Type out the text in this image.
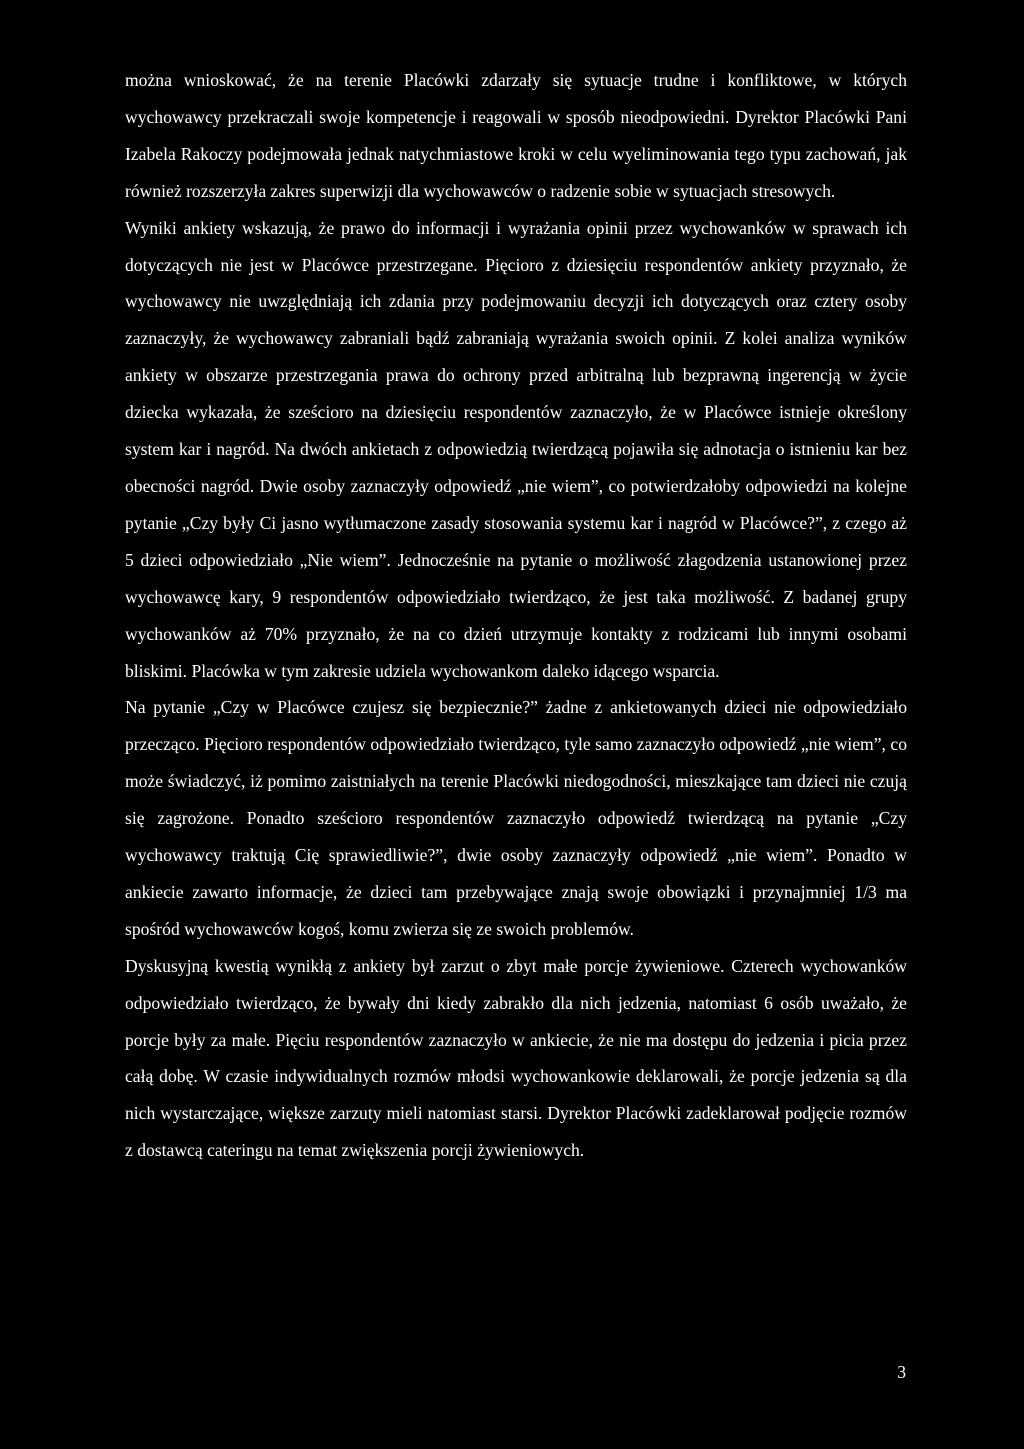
można wnioskować, że na terenie Placówki zdarzały się sytuacje trudne i konfliktowe, w których wychowawcy przekraczali swoje kompetencje i reagowali w sposób nieodpowiedni. Dyrektor Placówki Pani Izabela Rakoczy podejmowała jednak natychmiastowe kroki w celu wyeliminowania tego typu zachowań, jak również rozszerzyła zakres superwizji dla wychowawców o radzenie sobie w sytuacjach stresowych.

Wyniki ankiety wskazują, że prawo do informacji i wyrażania opinii przez wychowanków w sprawach ich dotyczących nie jest w Placówce przestrzegane. Pięcioro z dziesięciu respondentów ankiety przyznało, że wychowawcy nie uwzględniają ich zdania przy podejmowaniu decyzji ich dotyczących oraz cztery osoby zaznaczyły, że wychowawcy zabraniali bądź zabraniają wyrażania swoich opinii. Z kolei analiza wyników ankiety w obszarze przestrzegania prawa do ochrony przed arbitralną lub bezprawną ingerencją w życie dziecka wykazała, że sześcioro na dziesięciu respondentów zaznaczyło, że w Placówce istnieje określony system kar i nagród. Na dwóch ankietach z odpowiedzią twierdzącą pojawiła się adnotacja o istnieniu kar bez obecności nagród. Dwie osoby zaznaczyły odpowiedź „nie wiem”, co potwierdzałoby odpowiedzi na kolejne pytanie „Czy były Ci jasno wytłumaczone zasady stosowania systemu kar i nagród w Placówce?”, z czego aż 5 dzieci odpowiedziało „Nie wiem”. Jednocześnie na pytanie o możliwość złagodzenia ustanowionej przez wychowawcę kary, 9 respondentów odpowiedziało twierdząco, że jest taka możliwość. Z badanej grupy wychowanków aż 70% przyznało, że na co dzień utrzymuje kontakty z rodzicami lub innymi osobami bliskimi. Placówka w tym zakresie udziela wychowankom daleko idącego wsparcia.

Na pytanie „Czy w Placówce czujesz się bezpiecznie?” żadne z ankietowanych dzieci nie odpowiedziało przecząco. Pięcioro respondentów odpowiedziało twierdząco, tyle samo zaznaczyło odpowiedź „nie wiem”, co może świadczyć, iż pomimo zaistniałych na terenie Placówki niedogodności, mieszkające tam dzieci nie czują się zagrożone. Ponadto sześcioro respondentów zaznaczyło odpowiedź twierdzącą na pytanie „Czy wychowawcy traktują Cię sprawiedliwie?”, dwie osoby zaznaczyły odpowiedź „nie wiem”. Ponadto w ankiecie zawarto informacje, że dzieci tam przebywające znają swoje obowiązki i przynajmniej 1/3 ma spośród wychowawców kogoś, komu zwierza się ze swoich problemów.

Dyskusyjną kwestią wynikłą z ankiety był zarzut o zbyt małe porcje żywieniowe. Czterech wychowanków odpowiedziało twierdząco, że bywały dni kiedy zabrakło dla nich jedzenia, natomiast 6 osób uważało, że porcje były za małe. Pięciu respondentów zaznaczyło w ankiecie, że nie ma dostępu do jedzenia i picia przez całą dobę. W czasie indywidualnych rozmów młodsi wychowankowie deklarowali, że porcje jedzenia są dla nich wystarczające, większe zarzuty mieli natomiast starsi. Dyrektor Placówki zadeklarował podjęcie rozmów z dostawcą cateringu na temat zwiększenia porcji żywieniowych.

3
